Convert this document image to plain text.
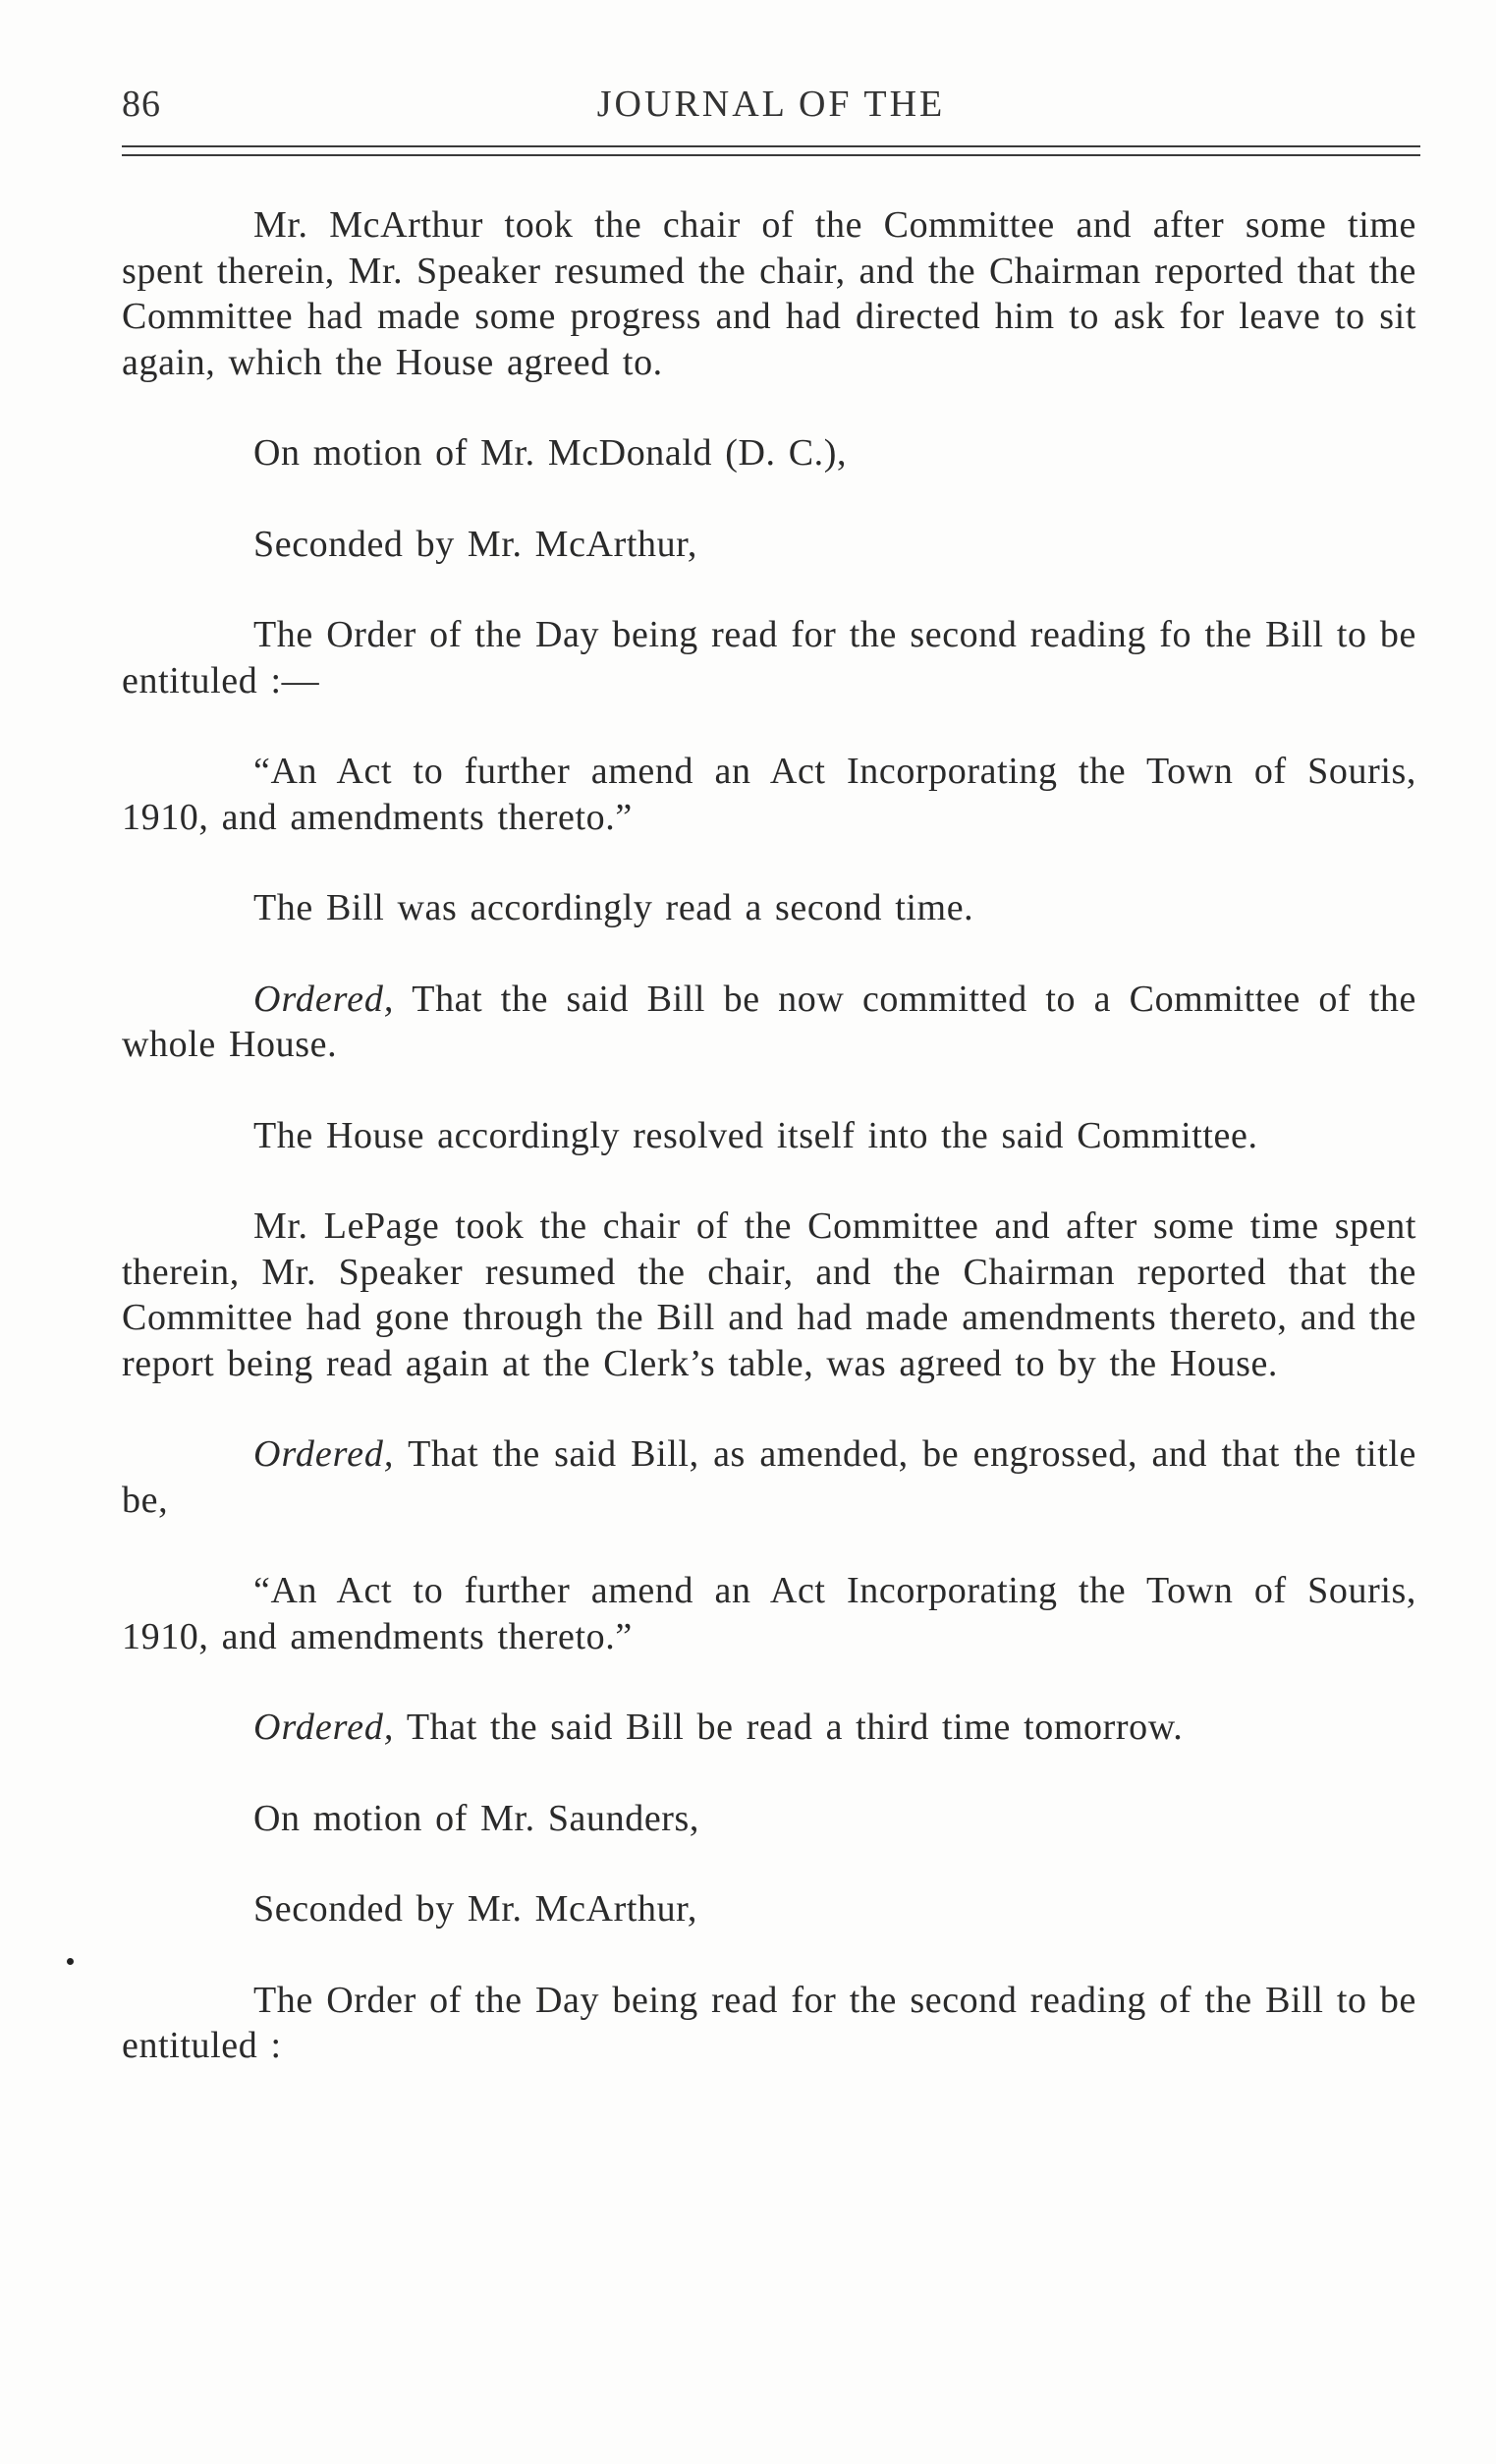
86	JOURNAL OF THE

Mr. McArthur took the chair of the Committee and after some time spent therein, Mr. Speaker resumed the chair, and the Chairman reported that the Committee had made some progress and had directed him to ask for leave to sit again, which the House agreed to.

On motion of Mr. McDonald (D. C.),

Seconded by Mr. McArthur,

The Order of the Day being read for the second reading fo the Bill to be entituled :—

“An Act to further amend an Act Incorporating the Town of Souris, 1910, and amendments thereto.”

The Bill was accordingly read a second time.

Ordered, That the said Bill be now committed to a Committee of the whole House.

The House accordingly resolved itself into the said Committee.

Mr. LePage took the chair of the Committee and after some time spent therein, Mr. Speaker resumed the chair, and the Chairman reported that the Committee had gone through the Bill and had made amendments thereto, and the report being read again at the Clerk’s table, was agreed to by the House.

Ordered, That the said Bill, as amended, be engrossed, and that the title be,

“An Act to further amend an Act Incorporating the Town of Souris, 1910, and amendments thereto.”

Ordered, That the said Bill be read a third time tomorrow.

On motion of Mr. Saunders,

Seconded by Mr. McArthur,

The Order of the Day being read for the second reading of the Bill to be entituled :
